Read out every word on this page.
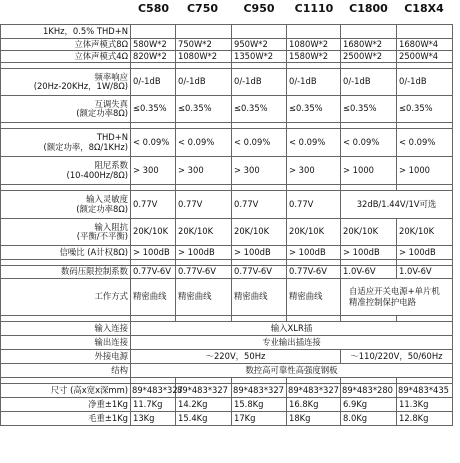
C580	C750	C950	C1110	C1800	C18X4
1KHz，0.5% THD+N						
立体声模式8Ω	580W*2	750W*2	950W*2	1080W*2	1680W*2	1680W*4
立体声模式4Ω	820W*2	1080W*2	1350W*2	1580W*2	2500W*2	2500W*4

频率响应
(20Hz-20KHz，1W/8Ω)	0/-1dB	0/-1dB	0/-1dB	0/-1dB	0/-1dB	0/-1dB

互调失真
(额定功率8Ω)	≤0.35%	≤0.35%	≤0.35%	≤0.35%	≤0.35%	≤0.35%

THD+N
(额定功率，8Ω/1KHz)	< 0.09%	< 0.09%	< 0.09%	< 0.09%	< 0.09%	< 0.09%

阻尼系数
(10-400Hz/8Ω)	> 300	> 300	> 300	> 300	> 1000	> 1000

输入灵敏度
(额定功率8Ω)	0.77V	0.77V	0.77V	0.77V	32dB/1.44V/1V可选	

输入阻抗
(平衡/不平衡)	20K/10K	20K/10K	20K/10K	20K/10K	20K/10K	20K/10K
信噪比 (A计权8Ω)	> 100dB	> 100dB	> 100dB	> 100dB	> 100dB	> 100dB

数码压限控制系数	0.77V-6V	0.77V-6V	0.77V-6V	0.77V-6V	1.0V-6V	1.0V-6V
工作方式	精密曲线	精密曲线	精密曲线	精密曲线	自适应开关电源+单片机精准控制保护电路	

输入连接	输入XLR插					
输出连接	专业输出插连接					
外接电源	～220V，50Hz				～110/220V，50/60Hz	
结构	数控高可靠性高强度钢板					

尺寸 (高x宽x深mm)	89*483*327	89*483*327	89*483*327	89*483*327	89*483*280	89*483*435
净重±1Kg	11.7Kg	14.2Kg	15.8Kg	16.8Kg	6.9Kg	11.3Kg
毛重±1Kg	13Kg	15.4Kg	17Kg	18Kg	8.0Kg	12.8Kg
